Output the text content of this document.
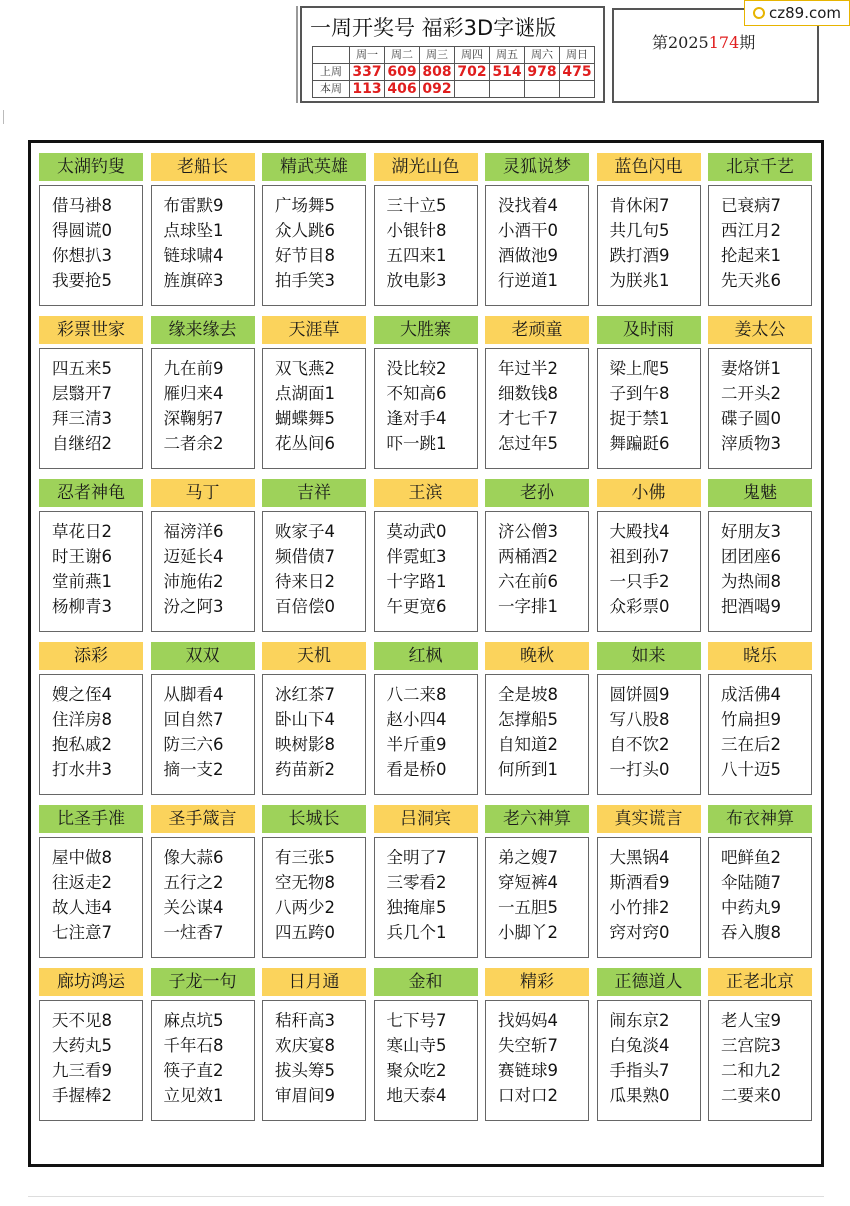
一周开奖号 福彩3D字谜版
	周一	周二	周三	周四	周五	周六	周日
上周	337	609	808	702	514	978	475
本周	113	406	092				
第2025174期
cz89.com
太湖钓叟
借马褂8
得圆谎0
你想扒3
我要抢5
老船长
布雷默9
点球坠1
链球啸4
旌旗碎3
精武英雄
广场舞5
众人跳6
好节目8
拍手笑3
湖光山色
三十立5
小银针8
五四来1
放电影3
灵狐说梦
没找着4
小酒干0
酒做池9
行逆道1
蓝色闪电
肯休闲7
共几句5
跌打酒9
为朕兆1
北京千艺
已衰病7
西江月2
抡起来1
先天兆6
彩票世家
四五来5
层翳开7
拜三清3
自继绍2
缘来缘去
九在前9
雁归来4
深鞠躬7
二者余2
天涯草
双飞燕2
点湖面1
蝴蝶舞5
花丛间6
大胜寨
没比较2
不知高6
逢对手4
吓一跳1
老顽童
年过半2
细数钱8
才七千7
怎过年5
及时雨
梁上爬5
子到午8
捉于禁1
舞蹁跹6
姜太公
妻烙饼1
二开头2
碟子圆0
滓质物3
忍者神龟
草花日2
时王谢6
堂前燕1
杨柳青3
马丁
福滂洋6
迈延长4
沛施佑2
汾之阿3
吉祥
败家子4
频借债7
待来日2
百倍偿0
王滨
莫动武0
伴霓虹3
十字路1
午更宽6
老孙
济公僧3
两桶酒2
六在前6
一字排1
小佛
大殿找4
祖到孙7
一只手2
众彩票0
鬼魅
好朋友3
团团座6
为热闹8
把酒喝9
添彩
嫂之侄4
住洋房8
抱私戚2
打水井3
双双
从脚看4
回自然7
防三六6
摘一支2
天机
冰红茶7
卧山下4
映树影8
药苗新2
红枫
八二来8
赵小四4
半斤重9
看是桥0
晚秋
全是坡8
怎撑船5
自知道2
何所到1
如来
圆饼圆9
写八股8
自不饮2
一打头0
晓乐
成活佛4
竹扁担9
三在后2
八十迈5
比圣手准
屋中做8
往返走2
故人违4
七注意7
圣手箴言
像大蒜6
五行之2
关公谋4
一炷香7
长城长
有三张5
空无物8
八两少2
四五跨0
吕洞宾
全明了7
三零看2
独掩扉5
兵几个1
老六神算
弟之嫂7
穿短裤4
一五胆5
小脚丫2
真实谎言
大黑锅4
斯酒看9
小竹排2
窍对窍0
布衣神算
吧鲜鱼2
伞陆随7
中药丸9
吞入腹8
廊坊鸿运
天不见8
大药丸5
九三看9
手握棒2
子龙一句
麻点坑5
千年石8
筷子直2
立见效1
日月通
秸秆高3
欢庆宴8
拔头筹5
审眉间9
金和
七下号7
寒山寺5
聚众吃2
地天泰4
精彩
找妈妈4
失空斩7
赛链球9
口对口2
正德道人
闹东京2
白兔淡4
手指头7
瓜果熟0
正老北京
老人宝9
三宫院3
二和九2
二要来0
